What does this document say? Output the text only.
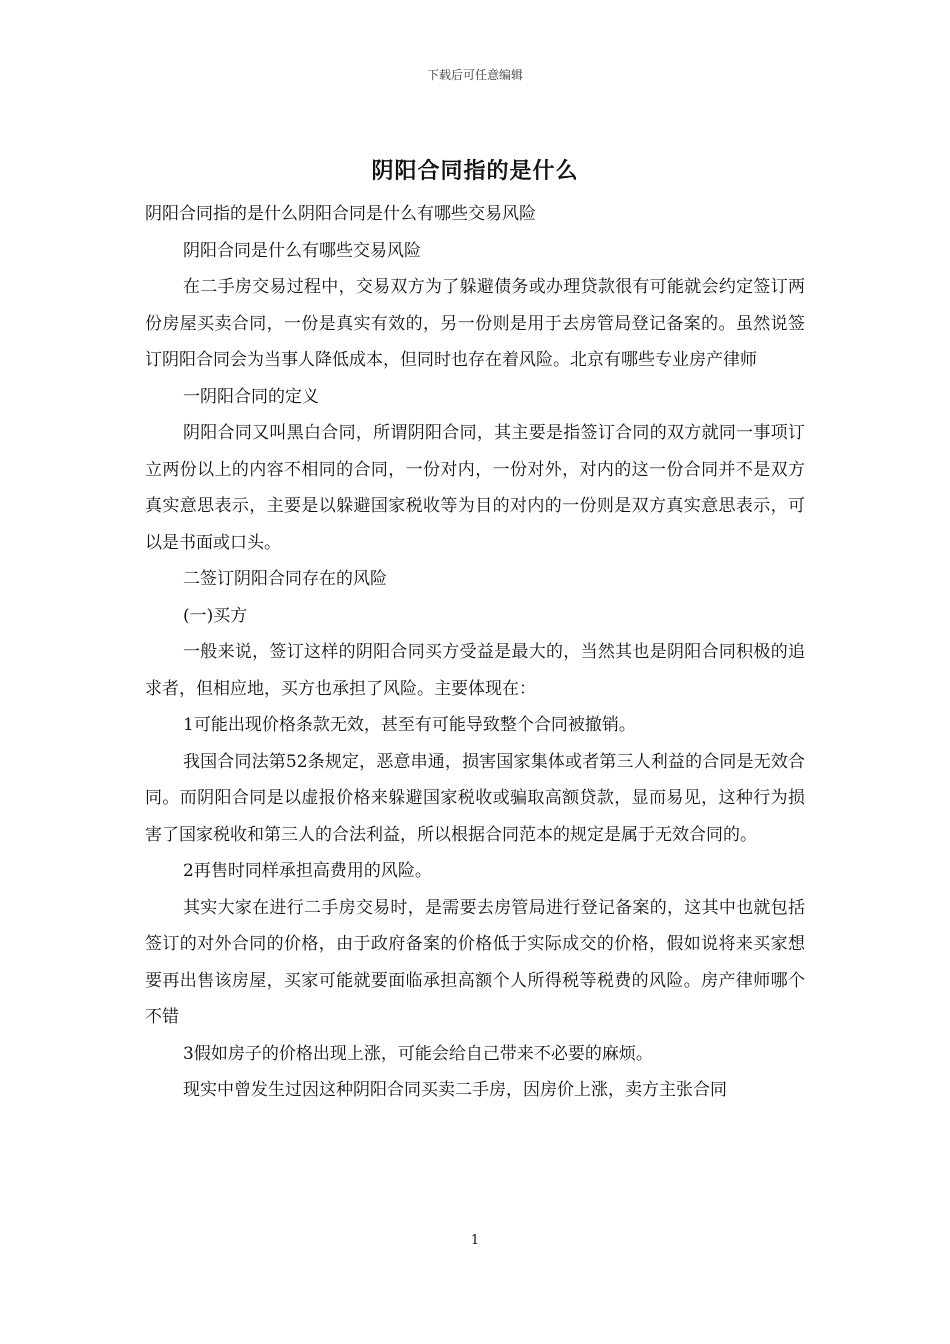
下载后可任意编辑
阴阳合同指的是什么

阴阳合同指的是什么阴阳合同是什么有哪些交易风险

阴阳合同是什么有哪些交易风险

在二手房交易过程中，交易双方为了躲避债务或办理贷款很有可能就会约定签订两份房屋买卖合同，一份是真实有效的，另一份则是用于去房管局登记备案的。虽然说签订阴阳合同会为当事人降低成本，但同时也存在着风险。北京有哪些专业房产律师

一阴阳合同的定义

阴阳合同又叫黑白合同，所谓阴阳合同，其主要是指签订合同的双方就同一事项订立两份以上的内容不相同的合同，一份对内，一份对外，对内的这一份合同并不是双方真实意思表示，主要是以躲避国家税收等为目的对内的一份则是双方真实意思表示，可以是书面或口头。

二签订阴阳合同存在的风险

(一)买方

一般来说，签订这样的阴阳合同买方受益是最大的，当然其也是阴阳合同积极的追求者，但相应地，买方也承担了风险。主要体现在：

1可能出现价格条款无效，甚至有可能导致整个合同被撤销。

我国合同法第52条规定，恶意串通，损害国家集体或者第三人利益的合同是无效合同。而阴阳合同是以虚报价格来躲避国家税收或骗取高额贷款，显而易见，这种行为损害了国家税收和第三人的合法利益，所以根据合同范本的规定是属于无效合同的。

2再售时同样承担高费用的风险。

其实大家在进行二手房交易时，是需要去房管局进行登记备案的，这其中也就包括签订的对外合同的价格，由于政府备案的价格低于实际成交的价格，假如说将来买家想要再出售该房屋，买家可能就要面临承担高额个人所得税等税费的风险。房产律师哪个不错

3假如房子的价格出现上涨，可能会给自己带来不必要的麻烦。

现实中曾发生过因这种阴阳合同买卖二手房，因房价上涨，卖方主张合同

1
